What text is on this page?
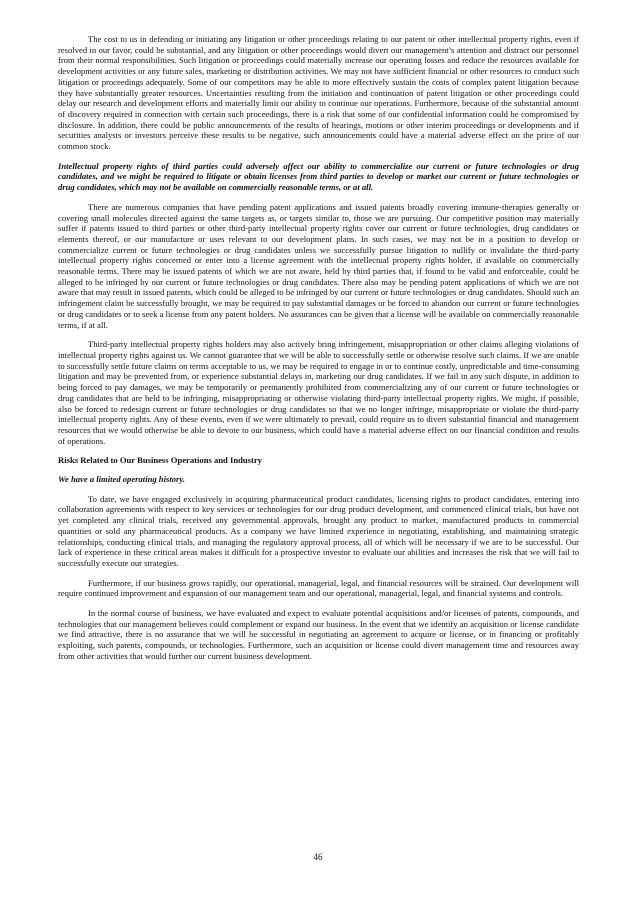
The cost to us in defending or initiating any litigation or other proceedings relating to our patent or other intellectual property rights, even if resolved in our favor, could be substantial, and any litigation or other proceedings would divert our management’s attention and distract our personnel from their normal responsibilities. Such litigation or proceedings could materially increase our operating losses and reduce the resources available for development activities or any future sales, marketing or distribution activities. We may not have sufficient financial or other resources to conduct such litigation or proceedings adequately. Some of our competitors may be able to more effectively sustain the costs of complex patent litigation because they have substantially greater resources. Uncertainties resulting from the initiation and continuation of patent litigation or other proceedings could delay our research and development efforts and materially limit our ability to continue our operations. Furthermore, because of the substantial amount of discovery required in connection with certain such proceedings, there is a risk that some of our confidential information could be compromised by disclosure. In addition, there could be public announcements of the results of hearings, motions or other interim proceedings or developments and if securities analysts or investors perceive these results to be negative, such announcements could have a material adverse effect on the price of our common stock.

Intellectual property rights of third parties could adversely affect our ability to commercialize our current or future technologies or drug candidates, and we might be required to litigate or obtain licenses from third parties to develop or market our current or future technologies or drug candidates, which may not be available on commercially reasonable terms, or at all.

There are numerous companies that have pending patent applications and issued patents broadly covering immune-therapies generally or covering small molecules directed against the same targets as, or targets similar to, those we are pursuing. Our competitive position may materially suffer if patents issued to third parties or other third-party intellectual property rights cover our current or future technologies, drug candidates or elements thereof, or our manufacture or uses relevant to our development plans. In such cases, we may not be in a position to develop or commercialize current or future technologies or drug candidates unless we successfully pursue litigation to nullify or invalidate the third-party intellectual property rights concerned or enter into a license agreement with the intellectual property rights holder, if available on commercially reasonable terms. There may be issued patents of which we are not aware, held by third parties that, if found to be valid and enforceable, could be alleged to be infringed by our current or future technologies or drug candidates. There also may be pending patent applications of which we are not aware that may result in issued patents, which could be alleged to be infringed by our current or future technologies or drug candidates. Should such an infringement claim be successfully brought, we may be required to pay substantial damages or be forced to abandon our current or future technologies or drug candidates or to seek a license from any patent holders. No assurances can be given that a license will be available on commercially reasonable terms, if at all.

Third-party intellectual property rights holders may also actively bring infringement, misappropriation or other claims alleging violations of intellectual property rights against us. We cannot guarantee that we will be able to successfully settle or otherwise resolve such claims. If we are unable to successfully settle future claims on terms acceptable to us, we may be required to engage in or to continue costly, unpredictable and time-consuming litigation and may be prevented from, or experience substantial delays in, marketing our drug candidates. If we fail in any such dispute, in addition to being forced to pay damages, we may be temporarily or permanently prohibited from commercializing any of our current or future technologies or drug candidates that are held to be infringing, misappropriating or otherwise violating third-party intellectual property rights. We might, if possible, also be forced to redesign current or future technologies or drug candidates so that we no longer infringe, misappropriate or violate the third-party intellectual property rights. Any of these events, even if we were ultimately to prevail, could require us to divert substantial financial and management resources that we would otherwise be able to devote to our business, which could have a material adverse effect on our financial condition and results of operations.

Risks Related to Our Business Operations and Industry

We have a limited operating history.

To date, we have engaged exclusively in acquiring pharmaceutical product candidates, licensing rights to product candidates, entering into collaboration agreements with respect to key services or technologies for our drug product development, and commenced clinical trials, but have not yet completed any clinical trials, received any governmental approvals, brought any product to market, manufactured products in commercial quantities or sold any pharmaceutical products. As a company we have limited experience in negotiating, establishing, and maintaining strategic relationships, conducting clinical trials, and managing the regulatory approval process, all of which will be necessary if we are to be successful. Our lack of experience in these critical areas makes it difficult for a prospective investor to evaluate our abilities and increases the risk that we will fail to successfully execute our strategies.

Furthermore, if our business grows rapidly, our operational, managerial, legal, and financial resources will be strained. Our development will require continued improvement and expansion of our management team and our operational, managerial, legal, and financial systems and controls.

In the normal course of business, we have evaluated and expect to evaluate potential acquisitions and/or licenses of patents, compounds, and technologies that our management believes could complement or expand our business. In the event that we identify an acquisition or license candidate we find attractive, there is no assurance that we will be successful in negotiating an agreement to acquire or license, or in financing or profitably exploiting, such patents, compounds, or technologies. Furthermore, such an acquisition or license could divert management time and resources away from other activities that would further our current business development.

46
